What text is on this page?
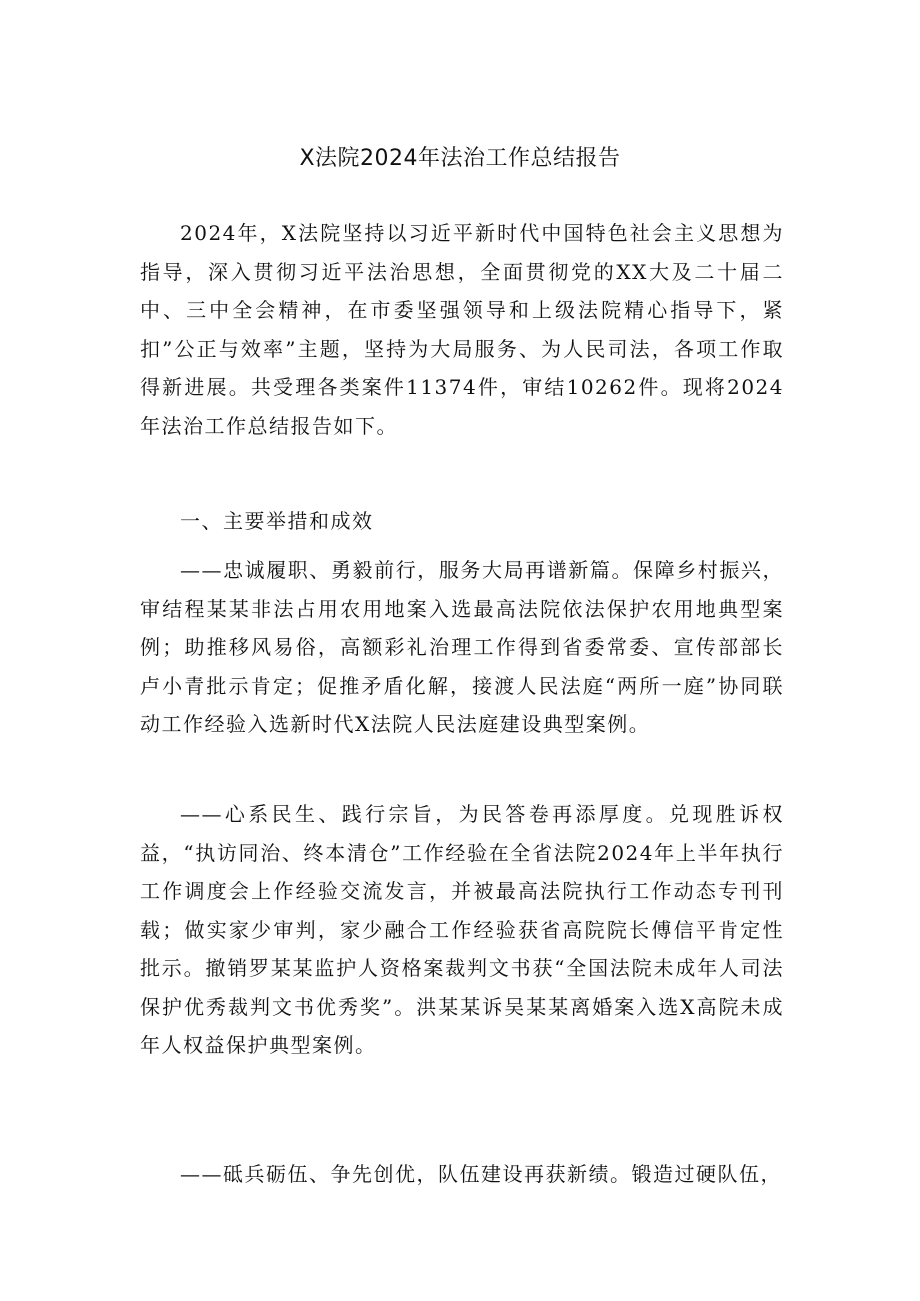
X法院2024年法治工作总结报告

2024年，X法院坚持以习近平新时代中国特色社会主义思想为指导，深入贯彻习近平法治思想，全面贯彻党的XX大及二十届二中、三中全会精神，在市委坚强领导和上级法院精心指导下，紧扣”公正与效率”主题，坚持为大局服务、为人民司法，各项工作取得新进展。共受理各类案件11374件，审结10262件。现将2024年法治工作总结报告如下。

一、主要举措和成效

——忠诚履职、勇毅前行，服务大局再谱新篇。保障乡村振兴，审结程某某非法占用农用地案入选最高法院依法保护农用地典型案例；助推移风易俗，高额彩礼治理工作得到省委常委、宣传部部长卢小青批示肯定；促推矛盾化解，接渡人民法庭“两所一庭”协同联动工作经验入选新时代X法院人民法庭建设典型案例。

——心系民生、践行宗旨，为民答卷再添厚度。兑现胜诉权益，“执访同治、终本清仓”工作经验在全省法院2024年上半年执行工作调度会上作经验交流发言，并被最高法院执行工作动态专刊刊载；做实家少审判，家少融合工作经验获省高院院长傅信平肯定性批示。撤销罗某某监护人资格案裁判文书获“全国法院未成年人司法保护优秀裁判文书优秀奖”。洪某某诉吴某某离婚案入选X高院未成年人权益保护典型案例。

——砥兵砺伍、争先创优，队伍建设再获新绩。锻造过硬队伍，
